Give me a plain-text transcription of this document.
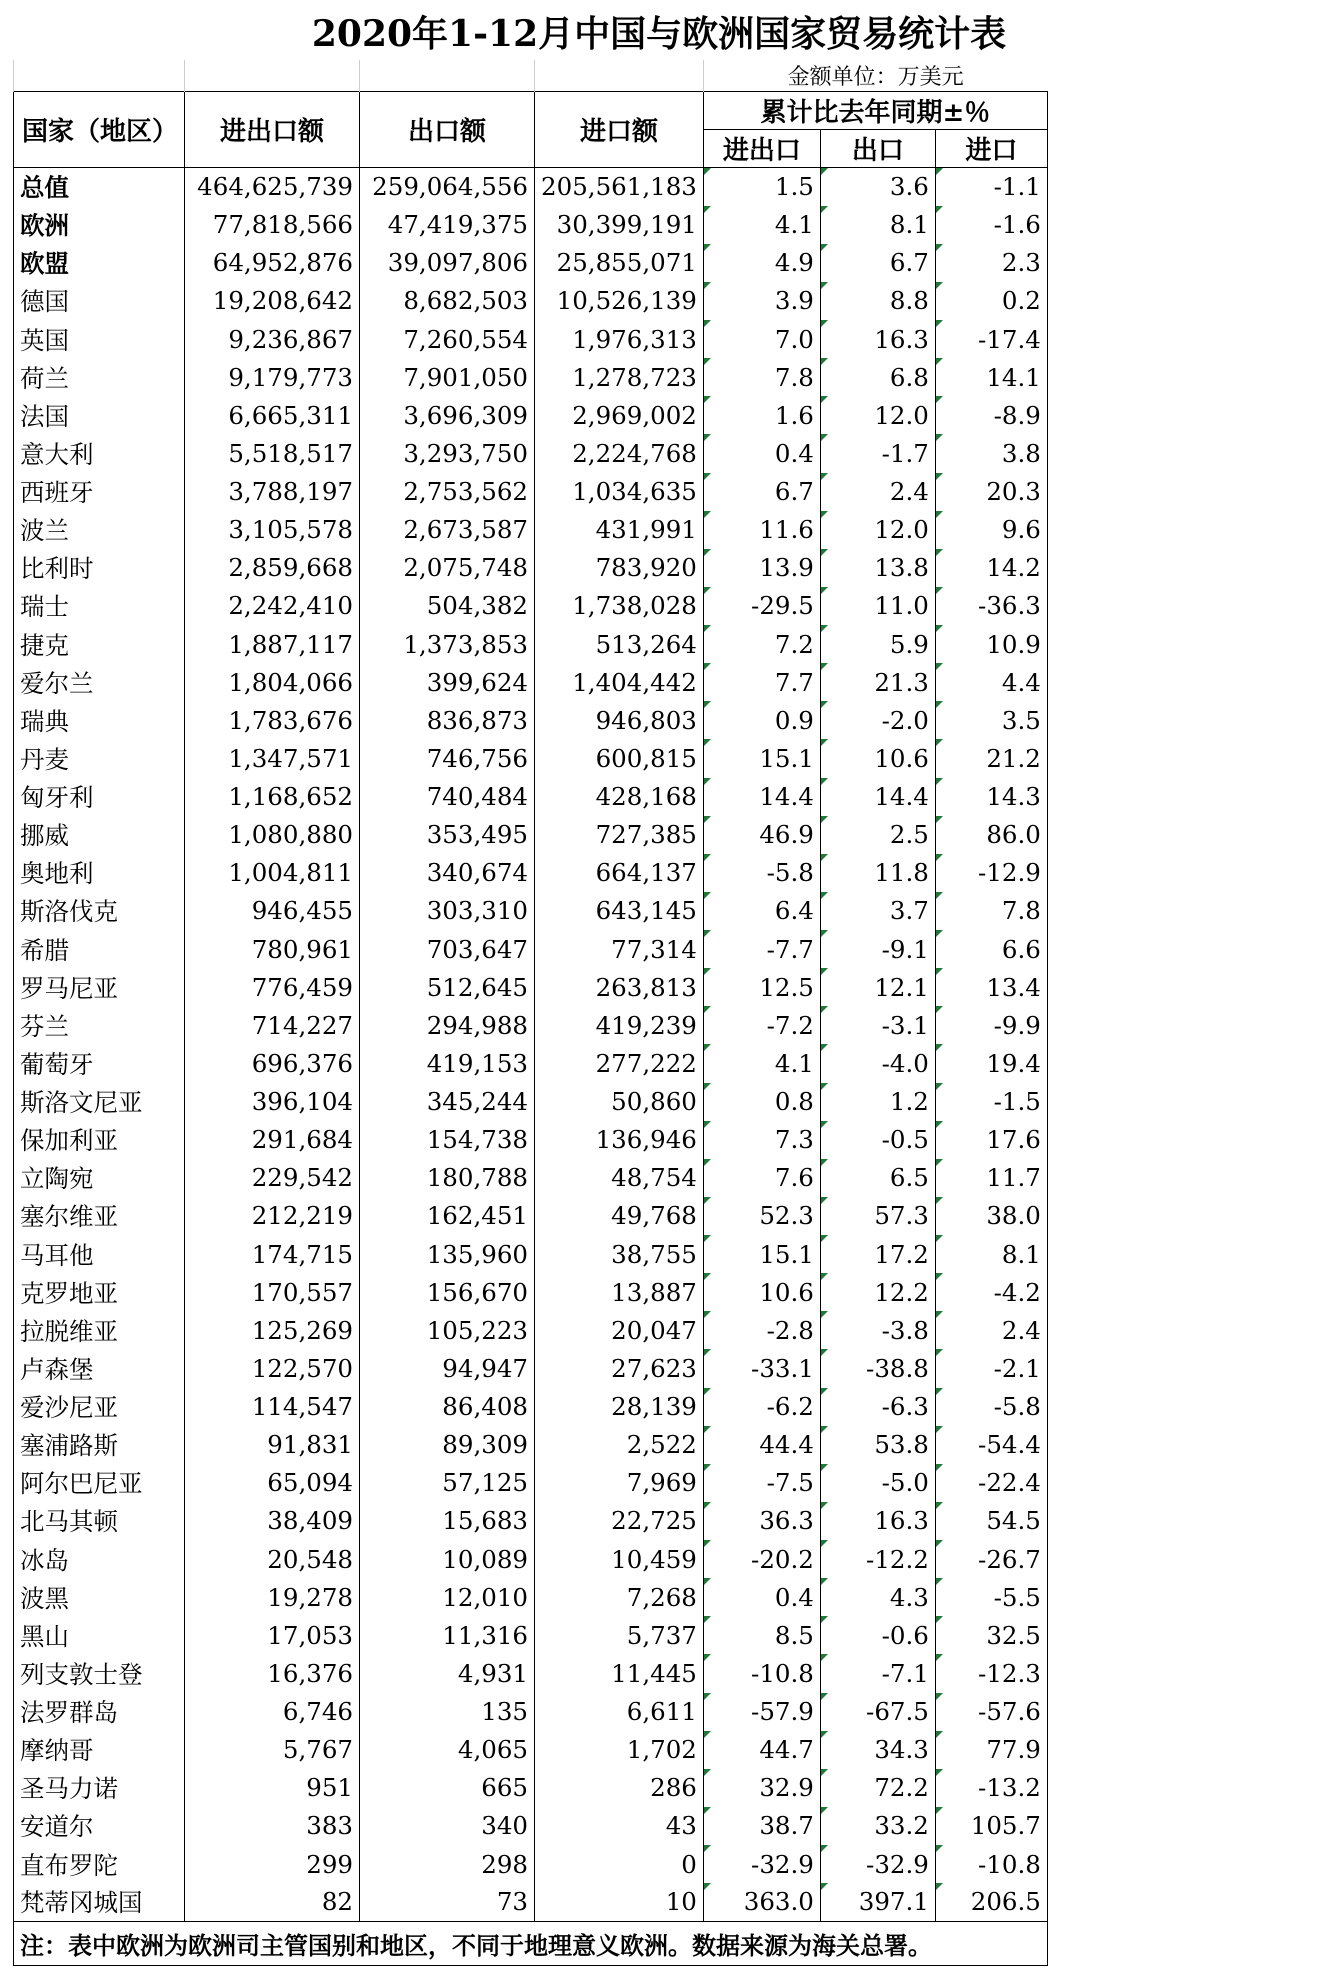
2020年1-12月中国与欧洲国家贸易统计表
				金额单位：万美元		
国家（地区）	进出口额	出口额	进口额	累计比去年同期±％		
				进出口	出口	进口
总值	464,625,739	259,064,556	205,561,183	1.5	3.6	-1.1

欧洲	77,818,566	47,419,375	30,399,191	4.1	8.1	-1.6

欧盟	64,952,876	39,097,806	25,855,071	4.9	6.7	2.3

德国	19,208,642	8,682,503	10,526,139	3.9	8.8	0.2

英国	9,236,867	7,260,554	1,976,313	7.0	16.3	-17.4

荷兰	9,179,773	7,901,050	1,278,723	7.8	6.8	14.1

法国	6,665,311	3,696,309	2,969,002	1.6	12.0	-8.9

意大利	5,518,517	3,293,750	2,224,768	0.4	-1.7	3.8

西班牙	3,788,197	2,753,562	1,034,635	6.7	2.4	20.3

波兰	3,105,578	2,673,587	431,991	11.6	12.0	9.6

比利时	2,859,668	2,075,748	783,920	13.9	13.8	14.2

瑞士	2,242,410	504,382	1,738,028	-29.5	11.0	-36.3

捷克	1,887,117	1,373,853	513,264	7.2	5.9	10.9

爱尔兰	1,804,066	399,624	1,404,442	7.7	21.3	4.4

瑞典	1,783,676	836,873	946,803	0.9	-2.0	3.5

丹麦	1,347,571	746,756	600,815	15.1	10.6	21.2

匈牙利	1,168,652	740,484	428,168	14.4	14.4	14.3

挪威	1,080,880	353,495	727,385	46.9	2.5	86.0

奥地利	1,004,811	340,674	664,137	-5.8	11.8	-12.9

斯洛伐克	946,455	303,310	643,145	6.4	3.7	7.8

希腊	780,961	703,647	77,314	-7.7	-9.1	6.6

罗马尼亚	776,459	512,645	263,813	12.5	12.1	13.4

芬兰	714,227	294,988	419,239	-7.2	-3.1	-9.9

葡萄牙	696,376	419,153	277,222	4.1	-4.0	19.4

斯洛文尼亚	396,104	345,244	50,860	0.8	1.2	-1.5

保加利亚	291,684	154,738	136,946	7.3	-0.5	17.6

立陶宛	229,542	180,788	48,754	7.6	6.5	11.7

塞尔维亚	212,219	162,451	49,768	52.3	57.3	38.0

马耳他	174,715	135,960	38,755	15.1	17.2	8.1

克罗地亚	170,557	156,670	13,887	10.6	12.2	-4.2

拉脱维亚	125,269	105,223	20,047	-2.8	-3.8	2.4

卢森堡	122,570	94,947	27,623	-33.1	-38.8	-2.1

爱沙尼亚	114,547	86,408	28,139	-6.2	-6.3	-5.8

塞浦路斯	91,831	89,309	2,522	44.4	53.8	-54.4

阿尔巴尼亚	65,094	57,125	7,969	-7.5	-5.0	-22.4

北马其顿	38,409	15,683	22,725	36.3	16.3	54.5

冰岛	20,548	10,089	10,459	-20.2	-12.2	-26.7

波黑	19,278	12,010	7,268	0.4	4.3	-5.5

黑山	17,053	11,316	5,737	8.5	-0.6	32.5

列支敦士登	16,376	4,931	11,445	-10.8	-7.1	-12.3

法罗群岛	6,746	135	6,611	-57.9	-67.5	-57.6

摩纳哥	5,767	4,065	1,702	44.7	34.3	77.9

圣马力诺	951	665	286	32.9	72.2	-13.2

安道尔	383	340	43	38.7	33.2	105.7

直布罗陀	299	298	0	-32.9	-32.9	-10.8

梵蒂冈城国	82	73	10	363.0	397.1	206.5

注：表中欧洲为欧洲司主管国别和地区，不同于地理意义欧洲。数据来源为海关总署。						
